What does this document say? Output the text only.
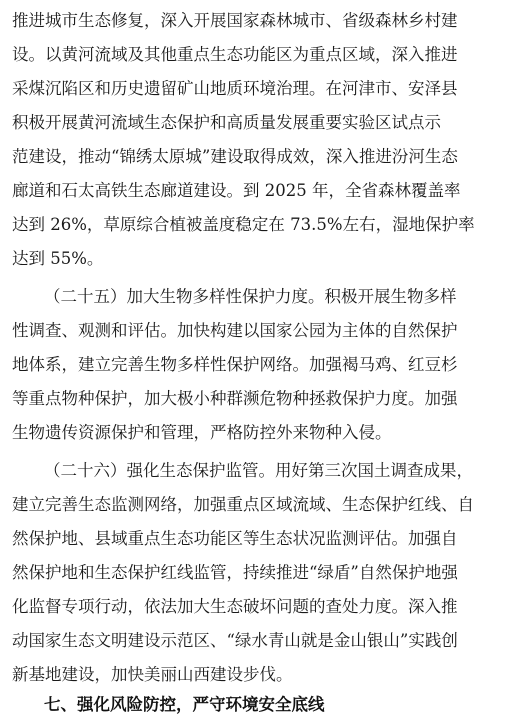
推进城市生态修复，深入开展国家森林城市、省级森林乡村建
设。以黄河流域及其他重点生态功能区为重点区域，深入推进
采煤沉陷区和历史遗留矿山地质环境治理。在河津市、安泽县
积极开展黄河流域生态保护和高质量发展重要实验区试点示
范建设，推动“锦绣太原城”建设取得成效，深入推进汾河生态
廊道和石太高铁生态廊道建设。到 2025 年，全省森林覆盖率
达到 26%，草原综合植被盖度稳定在 73.5%左右，湿地保护率
达到 55%。
（二十五）加大生物多样性保护力度。积极开展生物多样
性调查、观测和评估。加快构建以国家公园为主体的自然保护
地体系，建立完善生物多样性保护网络。加强褐马鸡、红豆杉
等重点物种保护，加大极小种群濒危物种拯救保护力度。加强
生物遗传资源保护和管理，严格防控外来物种入侵。
（二十六）强化生态保护监管。用好第三次国土调查成果，
建立完善生态监测网络，加强重点区域流域、生态保护红线、自
然保护地、县域重点生态功能区等生态状况监测评估。加强自
然保护地和生态保护红线监管，持续推进“绿盾”自然保护地强
化监督专项行动，依法加大生态破坏问题的查处力度。深入推
动国家生态文明建设示范区、“绿水青山就是金山银山”实践创
新基地建设，加快美丽山西建设步伐。
七、强化风险防控，严守环境安全底线
